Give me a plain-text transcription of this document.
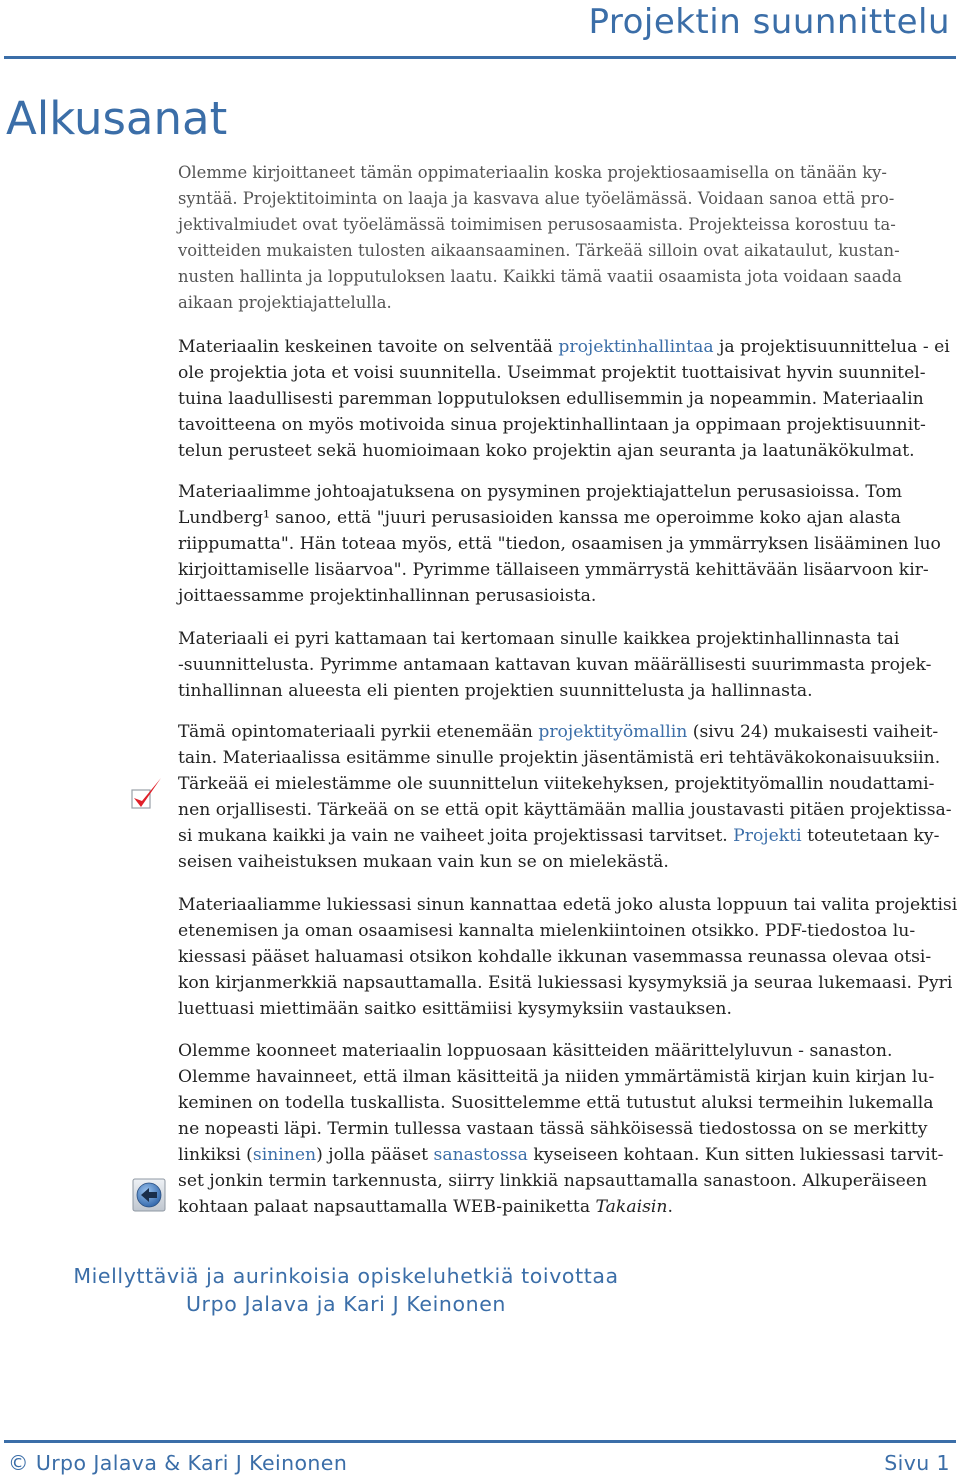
Projektin suunnittelu
Alkusanat
Olemme kirjoittaneet tämän oppimateriaalin koska projektiosaamisella on tänään ky-
syntää. Projektitoiminta on laaja ja kasvava alue työelämässä. Voidaan sanoa että pro-
jektivalmiudet ovat työelämässä toimimisen perusosaamista. Projekteissa korostuu ta-
voitteiden mukaisten tulosten aikaansaaminen. Tärkeää silloin ovat aikataulut, kustan-
nusten hallinta ja lopputuloksen laatu. Kaikki tämä vaatii osaamista jota voidaan saada
aikaan projektiajattelulla.
Materiaalin keskeinen tavoite on selventää projektinhallintaa ja projektisuunnittelua - ei
ole projektia jota et voisi suunnitella. Useimmat projektit tuottaisivat hyvin suunnitel-
tuina laadullisesti paremman lopputuloksen edullisemmin ja nopeammin. Materiaalin
tavoitteena on myös motivoida sinua projektinhallintaan ja oppimaan projektisuunnit-
telun perusteet sekä huomioimaan koko projektin ajan seuranta ja laatunäkökulmat.
Materiaalimme johtoajatuksena on pysyminen projektiajattelun perusasioissa. Tom
Lundberg¹ sanoo, että "juuri perusasioiden kanssa me operoimme koko ajan alasta
riippumatta". Hän toteaa myös, että "tiedon, osaamisen ja ymmärryksen lisääminen luo
kirjoittamiselle lisäarvoa". Pyrimme tällaiseen ymmärrystä kehittävään lisäarvoon kir-
joittaessamme projektinhallinnan perusasioista.
Materiaali ei pyri kattamaan tai kertomaan sinulle kaikkea projektinhallinnasta tai
-suunnittelusta. Pyrimme antamaan kattavan kuvan määrällisesti suurimmasta projek-
tinhallinnan alueesta eli pienten projektien suunnittelusta ja hallinnasta.
Tämä opintomateriaali pyrkii etenemään projektityömallin (sivu 24) mukaisesti vaiheit-
tain. Materiaalissa esitämme sinulle projektin jäsentämistä eri tehtäväkokonaisuuksiin.
Tärkeää ei mielestämme ole suunnittelun viitekehyksen, projektityömallin noudattami-
nen orjallisesti. Tärkeää on se että opit käyttämään mallia joustavasti pitäen projektissa-
si mukana kaikki ja vain ne vaiheet joita projektissasi tarvitset. Projekti toteutetaan ky-
seisen vaiheistuksen mukaan vain kun se on mielekästä.
Materiaaliamme lukiessasi sinun kannattaa edetä joko alusta loppuun tai valita projektisi
etenemisen ja oman osaamisesi kannalta mielenkiintoinen otsikko. PDF-tiedostoa lu-
kiessasi pääset haluamasi otsikon kohdalle ikkunan vasemmassa reunassa olevaa otsi-
kon kirjanmerkkiä napsauttamalla. Esitä lukiessasi kysymyksiä ja seuraa lukemaasi. Pyri
luettuasi miettimään saitko esittämiisi kysymyksiin vastauksen.
Olemme koonneet materiaalin loppuosaan käsitteiden määrittelyluvun - sanaston.
Olemme havainneet, että ilman käsitteitä ja niiden ymmärtämistä kirjan kuin kirjan lu-
keminen on todella tuskallista. Suosittelemme että tutustut aluksi termeihin lukemalla
ne nopeasti läpi. Termin tullessa vastaan tässä sähköisessä tiedostossa on se merkitty
linkiksi (sininen) jolla pääset sanastossa kyseiseen kohtaan. Kun sitten lukiessasi tarvit-
set jonkin termin tarkennusta, siirry linkkiä napsauttamalla sanastoon. Alkuperäiseen
kohtaan palaat napsauttamalla WEB-painiketta Takaisin.
Miellyttäviä ja aurinkoisia opiskeluhetkiä toivottaa
Urpo Jalava ja Kari J Keinonen
© Urpo Jalava & Kari J Keinonen	Sivu 1
